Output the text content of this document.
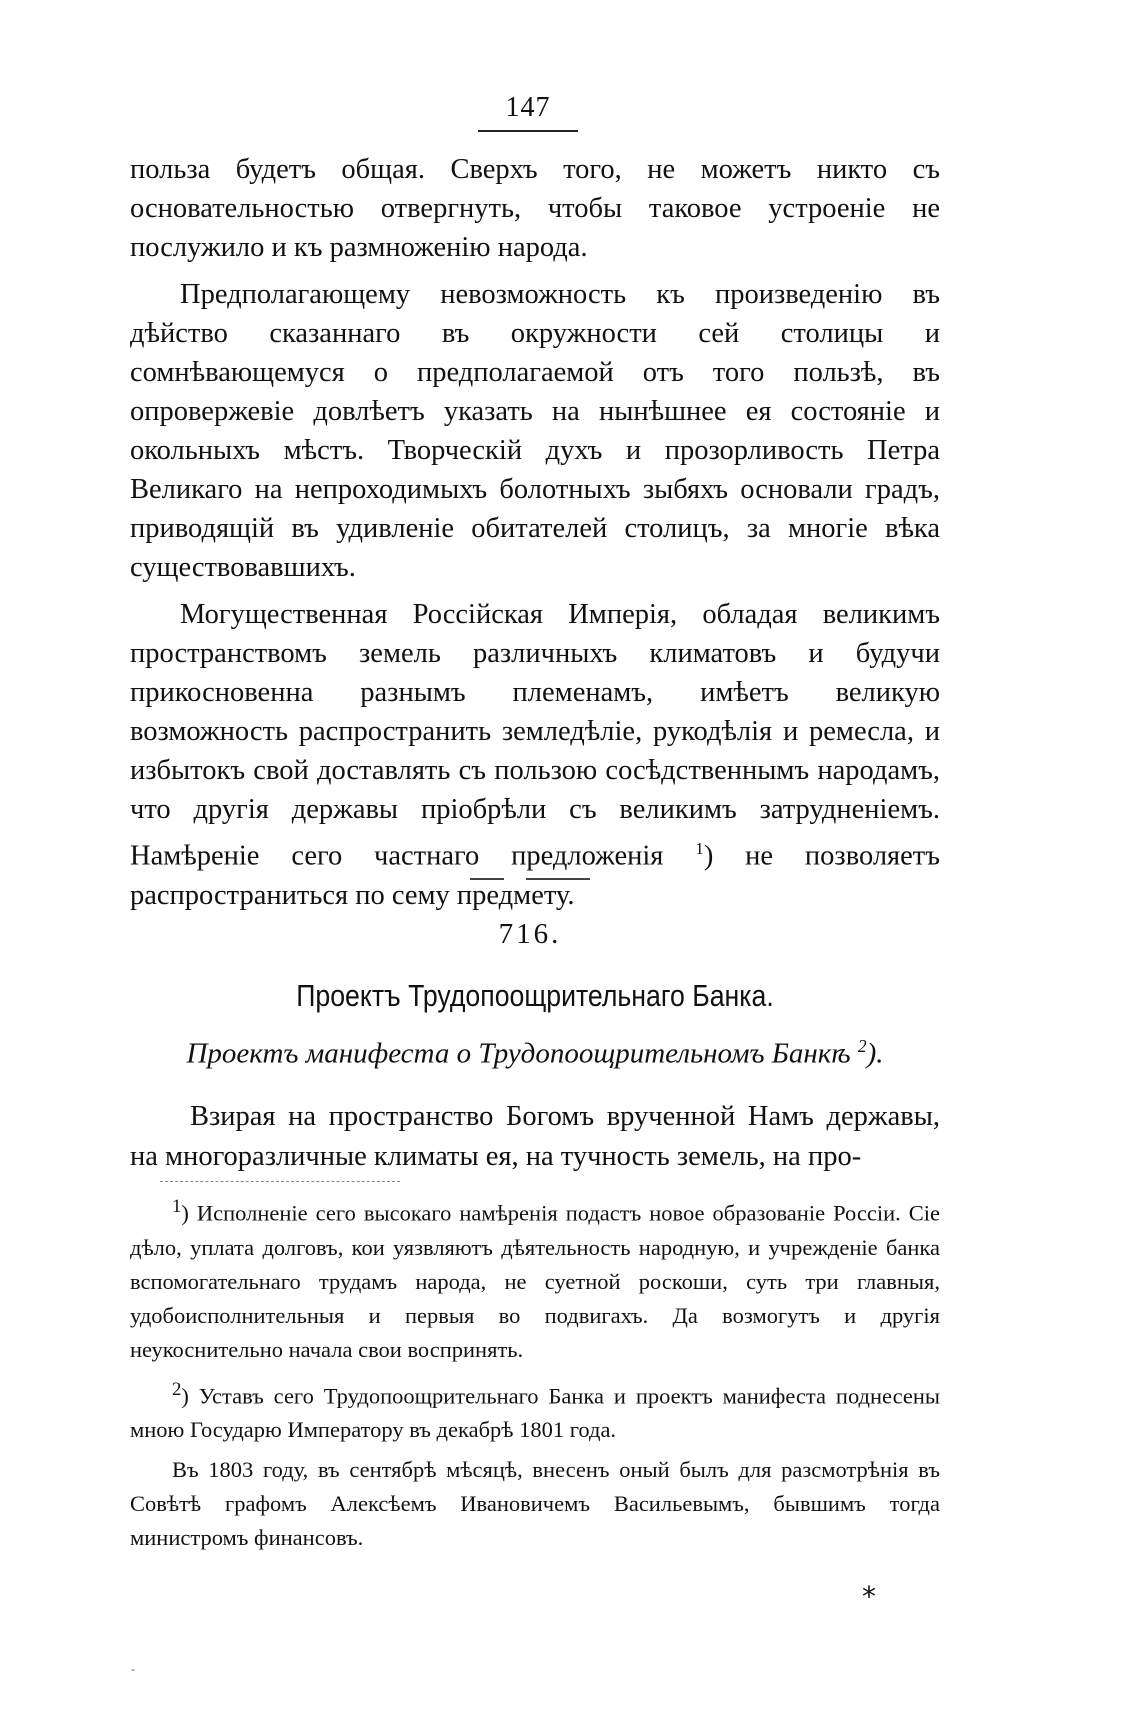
147

польза будетъ общая. Сверхъ того, не можетъ никто съ основательностью отвергнуть, чтобы таковое устроеніе не послужило и къ размноженію народа.

Предполагающему невозможность къ произведенію въ дѣйство сказаннаго въ окружности сей столицы и сомнѣвающемуся о предполагаемой отъ того пользѣ, въ опровержевіе довлѣетъ указать на нынѣшнее ея состояніе и окольныхъ мѣстъ. Творческій духъ и прозорливость Петра Великаго на непроходимыхъ болотныхъ зыбяхъ основали градъ, приводящій въ удивленіе обитателей столицъ, за многіе вѣка существовавшихъ.

Могущественная Россійская Имперія, обладая великимъ пространствомъ земель различныхъ климатовъ и будучи прикосновенна разнымъ племенамъ, имѣетъ великую возможность распространить земледѣліе, рукодѣлія и ремесла, и избытокъ свой доставлять съ пользою сосѣдственнымъ народамъ, что другія державы пріобрѣли съ великимъ затрудненіемъ. Намѣреніе сего частнаго предложенія $^1$) не позволяетъ распространиться по сему предмету.

716.
Проектъ Трудопоощрительнаго Банка.
Проектъ манифеста о Трудопоощрительномъ Банкѣ $^2$).

Взирая на пространство Богомъ врученной Намъ державы, на многоразличные климаты ея, на тучность земель, на про-

$^1$) Исполненіе сего высокаго намѣренія подастъ новое образованіе Россіи. Сіе дѣло, уплата долговъ, кои уязвляютъ дѣятельность народную, и учрежденіе банка вспомогательнаго трудамъ народа, не суетной роскоши, суть три главныя, удобоисполнительныя и первыя во подвигахъ. Да возмогутъ и другія неукоснительно начала свои воспринять.

$^2$) Уставъ сего Трудопоощрительнаго Банка и проектъ манифеста поднесены мною Государю Императору въ декабрѣ 1801 года.

Въ 1803 году, въ сентябрѣ мѣсяцѣ, внесенъ оный былъ для разсмотрѣнія въ Совѣтѣ графомъ Алексѣемъ Ивановичемъ Васильевымъ, бывшимъ тогда министромъ финансовъ.

*
-
